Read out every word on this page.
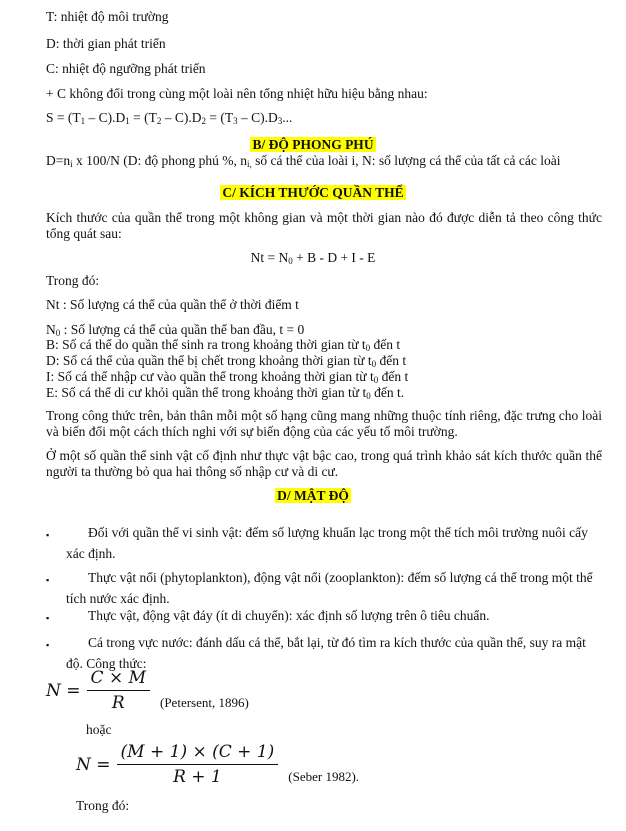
T: nhiệt độ môi trường
D: thời gian phát triển
C: nhiệt độ ngưỡng phát triển
+ C không đổi trong cùng một loài nên tổng nhiệt hữu hiệu bằng nhau:
$S = (T_1 - C).D_1 = (T_2 - C).D_2 = (T_3 - C).D_3$...
B/ ĐỘ PHONG PHÚ
$D=n_i$ x 100/N (D: độ phong phú %, $n_{i,}$ số cá thể của loài i, N: số lượng cá thể của tất cả các loài
C/ KÍCH THƯỚC QUẦN THỂ
Kích thước của quần thể trong một không gian và một thời gian nào đó được diễn tả theo công thức tổng quát sau:
$Nt = N_0 + B - D + I - E$
Trong đó:
Nt : Số lượng cá thể của quần thể ở thời điểm t
$N_0$ : Số lượng cá thể của quần thể ban đầu, t = 0
B: Số cá thể do quần thể sinh ra trong khoảng thời gian từ $t_0$ đến t
D: Số cá thể của quần thể bị chết trong khoảng thời gian từ $t_0$ đến t
I: Số cá thể nhập cư vào quần thể trong khoảng thời gian từ $t_0$ đến t
E: Số cá thể di cư khỏi quần thể trong khoảng thời gian từ $t_0$ đến t.
Trong công thức trên, bản thân mỗi một số hạng cũng mang những thuộc tính riêng, đặc trưng cho loài và biến đổi một cách thích nghi với sự biến động của các yếu tố môi trường.
Ở một số quần thể sinh vật cố định như thực vật bậc cao, trong quá trình khảo sát kích thước quần thể người ta thường bỏ qua hai thông số nhập cư và di cư.
D/ MẬT ĐỘ
▪	Đối với quần thể vi sinh vật: đếm số lượng khuẩn lạc trong một thể tích môi trường nuôi cấy xác định.
▪	Thực vật nổi (phytoplankton), động vật nổi (zooplankton): đếm số lượng cá thể trong một thể tích nước xác định.
▪	Thực vật, động vật đáy (ít di chuyển): xác định số lượng trên ô tiêu chuẩn.
▪	Cá trong vực nước: đánh dấu cá thể, bắt lại, từ đó tìm ra kích thước của quần thể, suy ra mật độ. Công thức:
$N = \frac{C \times M}{R}$ (Petersent, 1896)
hoặc
$N = \frac{(M + 1) \times (C + 1)}{R + 1}$ (Seber 1982).
Trong đó:
